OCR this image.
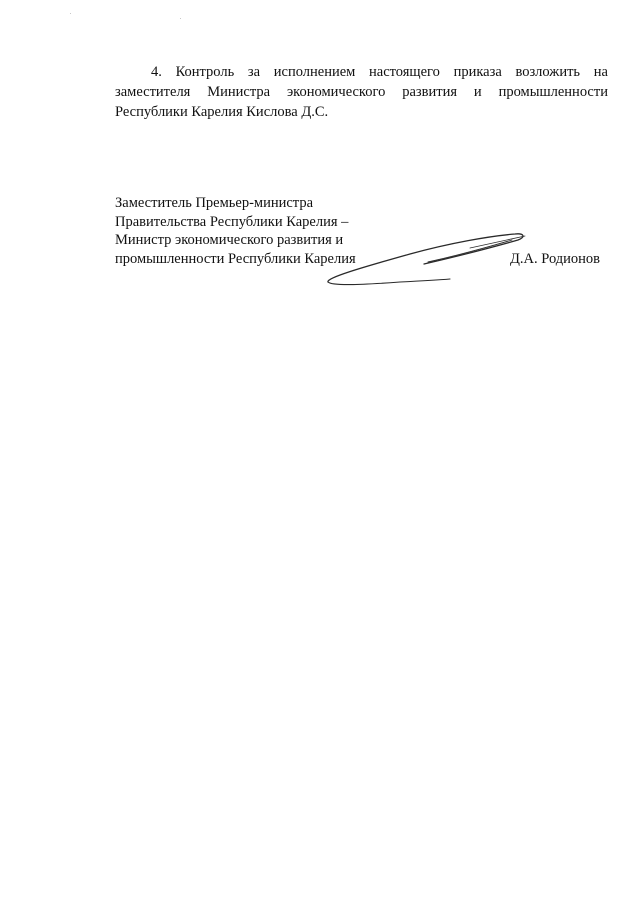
4. Контроль за исполнением настоящего приказа возложить на
заместителя Министра экономического развития и промышленности
Республики Карелия Кислова Д.С.
Заместитель Премьер-министра
Правительства Республики Карелия –
Министр экономического развития и
промышленности Республики Карелия	Д.А. Родионов
